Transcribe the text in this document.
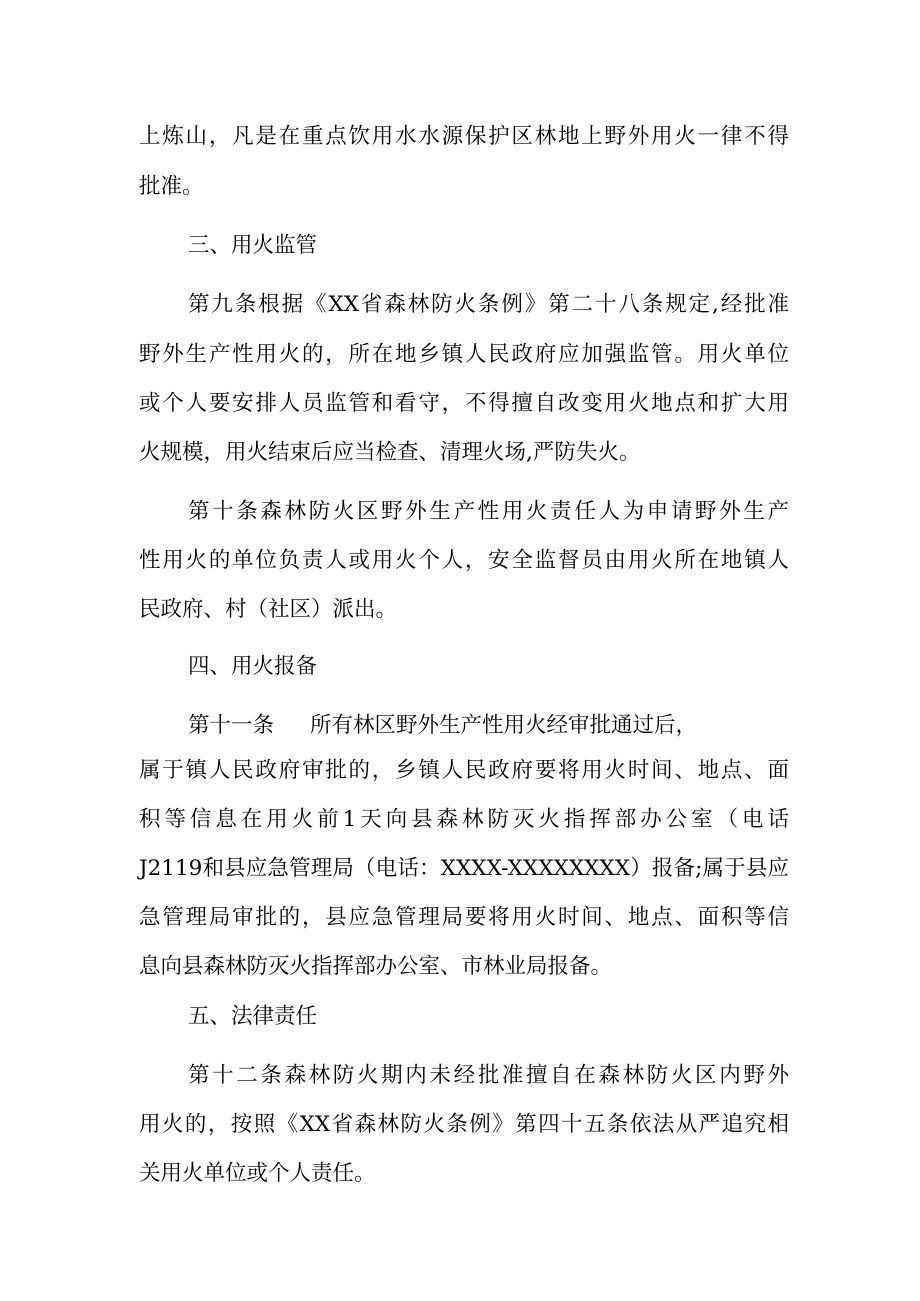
上炼山，凡是在重点饮用水水源保护区林地上野外用火一律不得

批准。

三、用火监管

第九条根据《XX省森林防火条例》第二十八条规定,经批准

野外生产性用火的，所在地乡镇人民政府应加强监管。用火单位

或个人要安排人员监管和看守，不得擅自改变用火地点和扩大用

火规模，用火结束后应当检查、清理火场,严防失火。

第十条森林防火区野外生产性用火责任人为申请野外生产

性用火的单位负责人或用火个人，安全监督员由用火所在地镇人

民政府、村（社区）派出。

四、用火报备

第十一条 所有林区野外生产性用火经审批通过后，

属于镇人民政府审批的，乡镇人民政府要将用火时间、地点、面

积等信息在用火前1天向县森林防灭火指挥部办公室（电话

J2119和县应急管理局（电话：XXXX-XXXXXXXX）报备;属于县应

急管理局审批的，县应急管理局要将用火时间、地点、面积等信

息向县森林防灭火指挥部办公室、市林业局报备。

五、法律责任

第十二条森林防火期内未经批准擅自在森林防火区内野外

用火的，按照《XX省森林防火条例》第四十五条依法从严追究相

关用火单位或个人责任。
